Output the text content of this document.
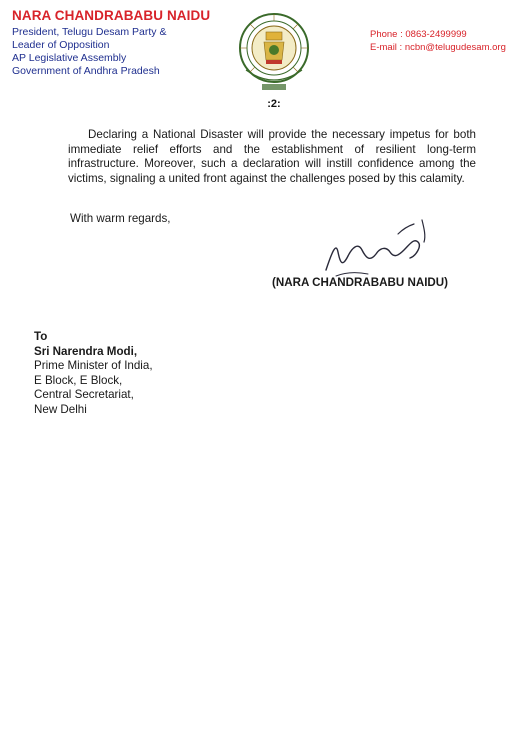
NARA CHANDRABABU NAIDU
President, Telugu Desam Party &
Leader of Opposition
AP Legislative Assembly
Government of Andhra Pradesh
Phone : 0863-2499999
E-mail : ncbn@telugudesam.org
:2:
Declaring a National Disaster will provide the necessary impetus for both immediate relief efforts and the establishment of resilient long-term infrastructure. Moreover, such a declaration will instill confidence among the victims, signaling a united front against the challenges posed by this calamity.
With warm regards,
(NARA CHANDRABABU NAIDU)
To
Sri Narendra Modi,
Prime Minister of India,
E Block, E Block,
Central Secretariat,
New Delhi
